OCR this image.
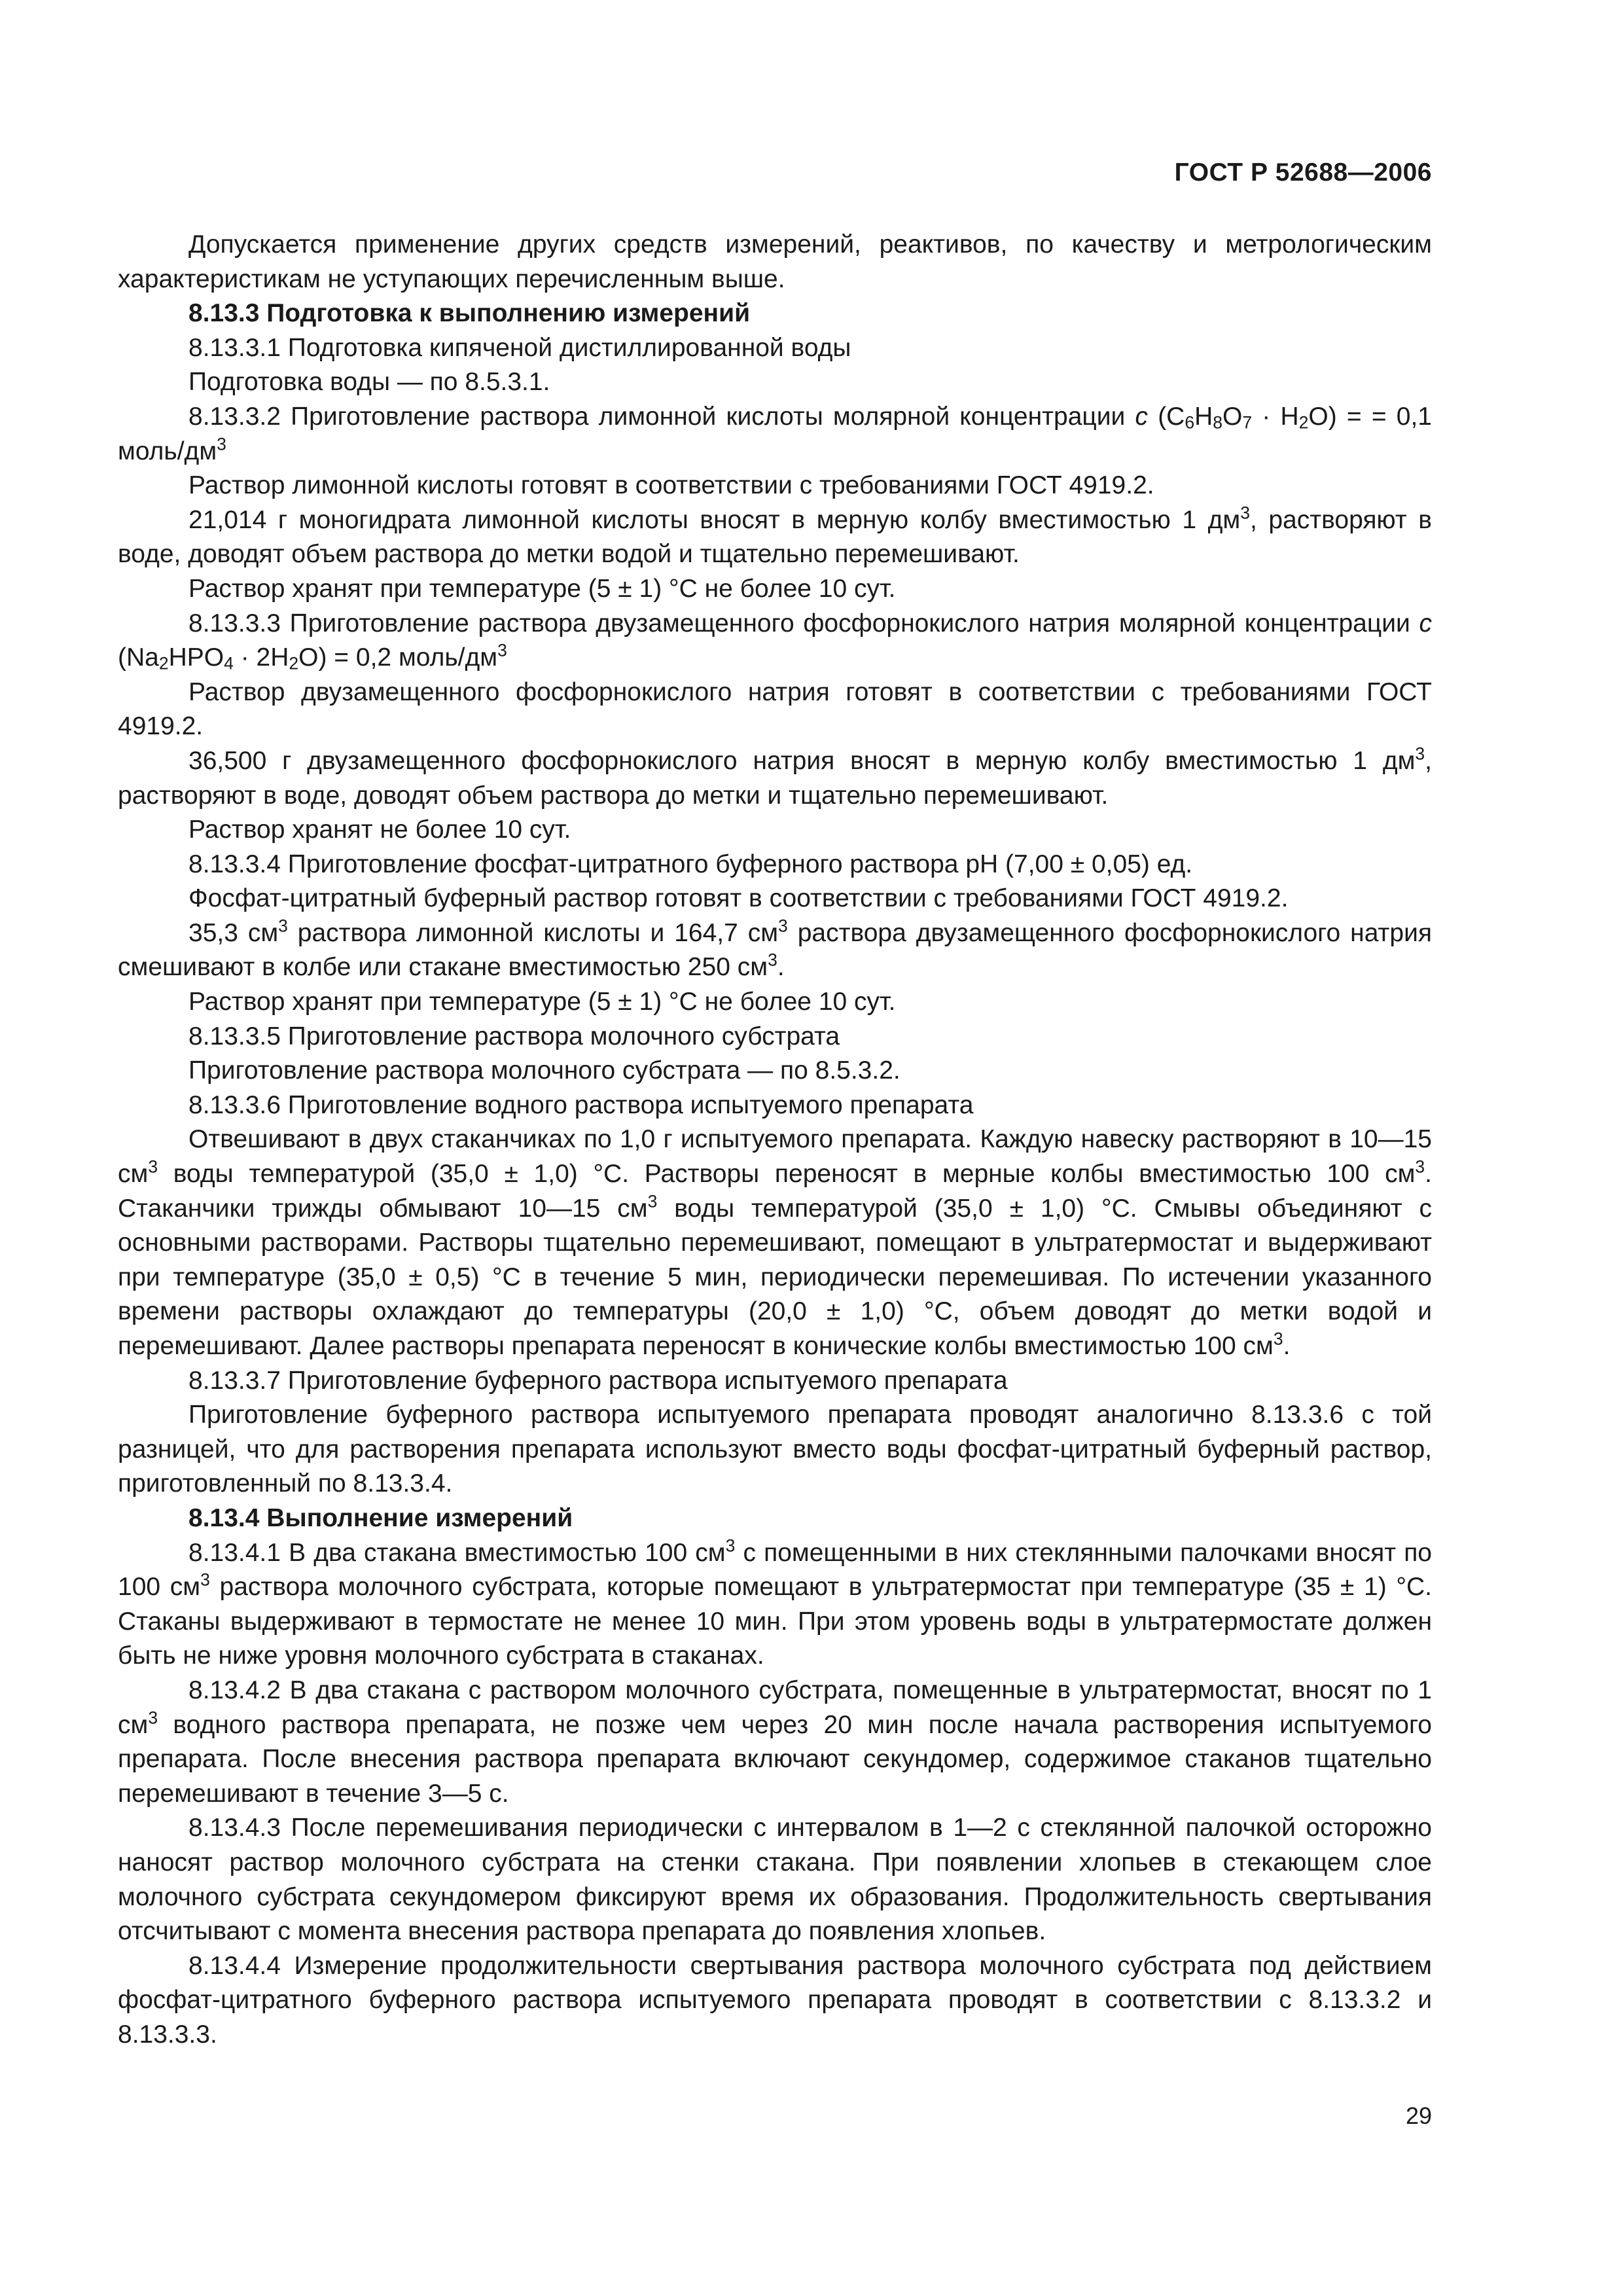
ГОСТ Р 52688—2006

Допускается применение других средств измерений, реактивов, по качеству и метрологическим характеристикам не уступающих перечисленным выше.

8.13.3 Подготовка к выполнению измерений

8.13.3.1 Подготовка кипяченой дистиллированной воды

Подготовка воды — по 8.5.3.1.

8.13.3.2 Приготовление раствора лимонной кислоты молярной концентрации с $(C_6H_8O_7 \cdot H_2O)$ = = 0,1 моль/$дм^3$

Раствор лимонной кислоты готовят в соответствии с требованиями ГОСТ 4919.2.

21,014 г моногидрата лимонной кислоты вносят в мерную колбу вместимостью 1 $дм^3$, растворяют в воде, доводят объем раствора до метки водой и тщательно перемешивают.

Раствор хранят при температуре (5 ± 1) °С не более 10 сут.

8.13.3.3 Приготовление раствора двузамещенного фосфорнокислого натрия молярной концентрации с $(Na_2HPO_4 \cdot 2H_2O) = 0,2$ моль/$дм^3$

Раствор двузамещенного фосфорнокислого натрия готовят в соответствии с требованиями ГОСТ 4919.2.

36,500 г двузамещенного фосфорнокислого натрия вносят в мерную колбу вместимостью 1 $дм^3$, растворяют в воде, доводят объем раствора до метки и тщательно перемешивают.

Раствор хранят не более 10 сут.

8.13.3.4 Приготовление фосфат-цитратного буферного раствора рН (7,00 ± 0,05) ед.

Фосфат-цитратный буферный раствор готовят в соответствии с требованиями ГОСТ 4919.2.

35,3 $см^3$ раствора лимонной кислоты и 164,7 $см^3$ раствора двузамещенного фосфорнокислого натрия смешивают в колбе или стакане вместимостью 250 $см^3$.

Раствор хранят при температуре (5 ± 1) °С не более 10 сут.

8.13.3.5 Приготовление раствора молочного субстрата

Приготовление раствора молочного субстрата — по 8.5.3.2.

8.13.3.6 Приготовление водного раствора испытуемого препарата

Отвешивают в двух стаканчиках по 1,0 г испытуемого препарата. Каждую навеску растворяют в 10—15 $см^3$ воды температурой (35,0 ± 1,0) °С. Растворы переносят в мерные колбы вместимостью 100 $см^3$. Стаканчики трижды обмывают 10—15 $см^3$ воды температурой (35,0 ± 1,0) °С. Смывы объединяют с основными растворами. Растворы тщательно перемешивают, помещают в ультратермостат и выдерживают при температуре (35,0 ± 0,5) °С в течение 5 мин, периодически перемешивая. По истечении указанного времени растворы охлаждают до температуры (20,0 ± 1,0) °С, объем доводят до метки водой и перемешивают. Далее растворы препарата переносят в конические колбы вместимостью 100 $см^3$.

8.13.3.7 Приготовление буферного раствора испытуемого препарата

Приготовление буферного раствора испытуемого препарата проводят аналогично 8.13.3.6 с той разницей, что для растворения препарата используют вместо воды фосфат-цитратный буферный раствор, приготовленный по 8.13.3.4.

8.13.4 Выполнение измерений

8.13.4.1 В два стакана вместимостью 100 $см^3$ с помещенными в них стеклянными палочками вносят по 100 $см^3$ раствора молочного субстрата, которые помещают в ультратермостат при температуре (35 ± 1) °С. Стаканы выдерживают в термостате не менее 10 мин. При этом уровень воды в ультратермостате должен быть не ниже уровня молочного субстрата в стаканах.

8.13.4.2 В два стакана с раствором молочного субстрата, помещенные в ультратермостат, вносят по 1 $см^3$ водного раствора препарата, не позже чем через 20 мин после начала растворения испытуемого препарата. После внесения раствора препарата включают секундомер, содержимое стаканов тщательно перемешивают в течение 3—5 с.

8.13.4.3 После перемешивания периодически с интервалом в 1—2 с стеклянной палочкой осторожно наносят раствор молочного субстрата на стенки стакана. При появлении хлопьев в стекающем слое молочного субстрата секундомером фиксируют время их образования. Продолжительность свертывания отсчитывают с момента внесения раствора препарата до появления хлопьев.

8.13.4.4 Измерение продолжительности свертывания раствора молочного субстрата под действием фосфат-цитратного буферного раствора испытуемого препарата проводят в соответствии с 8.13.3.2 и 8.13.3.3.

29
